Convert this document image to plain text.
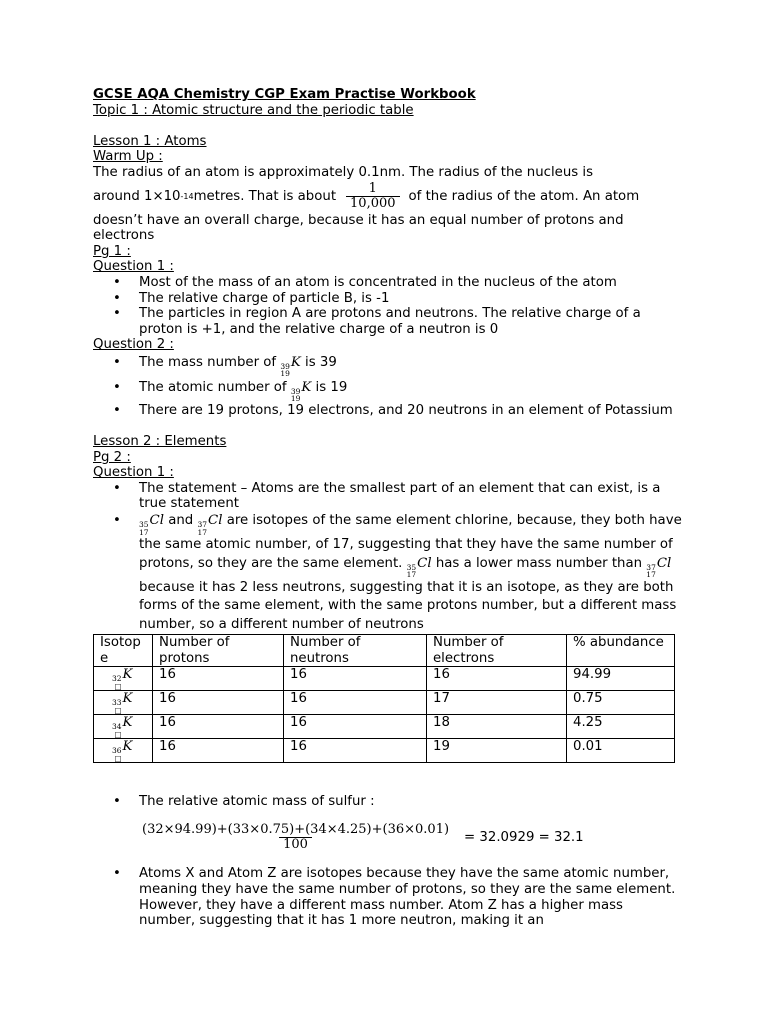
GCSE AQA Chemistry CGP Exam Practise Workbook

Topic 1 : Atomic structure and the periodic table

Lesson 1 : Atoms

Warm Up :

The radius of an atom is approximately 0.1nm. The radius of the nucleus is

around 1×10 -14 metres. That is about $\frac{1}{10,000}$ of the radius of the atom. An atom

doesn’t have an overall charge, because it has an equal number of protons and electrons

Pg 1 :

Question 1 :

• Most of the mass of an atom is concentrated in the nucleus of the atom
• The relative charge of particle B, is -1
• The particles in region A are protons and neutrons. The relative charge of a proton is +1, and the relative charge of a neutron is 0

Question 2 :

• The mass number of 39
19
K is 39
• The atomic number of 39
19
K is 19
• There are 19 protons, 19 electrons, and 20 neutrons in an element of Potassium

Lesson 2 : Elements

Pg 2 :

Question 1 :

• The statement – Atoms are the smallest part of an element that can exist, is a true statement
• 35
17
Cl and 37
17
Cl are isotopes of the same element chlorine, because, they both have the same atomic number, of 17, suggesting that they have the same number of protons, so they are the same element. 35
17
Cl has a lower mass number than 37
17
Cl because it has 2 less neutrons, suggesting that it is an isotope, as they are both forms of the same element, with the same protons number, but a different mass number, so a different number of neutrons
Isotope	Number of protons	Number of neutrons	Number of electrons	% abundance

32
□
K	16	16	16	94.99

33
□
K	16	16	17	0.75

34
□
K	16	16	18	4.25

36
□
K	16	16	19	0.01
• The relative atomic mass of sulfur :
$\frac{(32\times 94.99)+(33\times 0.75)+(34\times 4.25)+(36\times 0.01)}{100} = 32.0929 = 32.1$
• Atoms X and Atom Z are isotopes because they have the same atomic number, meaning they have the same number of protons, so they are the same element. However, they have a different mass number. Atom Z has a higher mass number, suggesting that it has 1 more neutron, making it an
